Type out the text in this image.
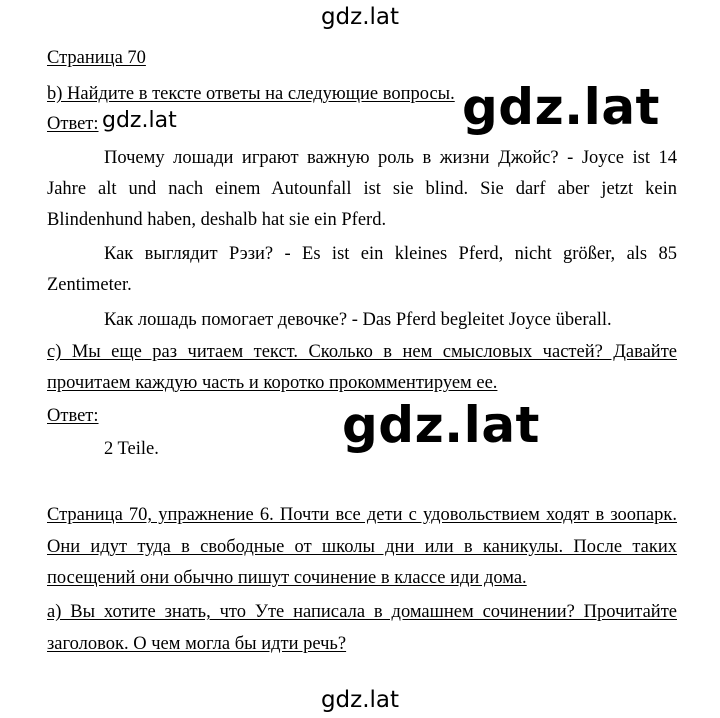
gdz.lat
Страница 70
b) Найдите в тексте ответы на следующие вопросы.
Ответ: gdz.lat	gdz.lat
Почему лошади играют важную роль в жизни Джойс? - Joyce ist 14
Jahre alt und nach einem Autounfall ist sie blind. Sie darf aber jetzt kein
Blindenhund haben, deshalb hat sie ein Pferd.
Как выглядит Рэзи? - Es ist ein kleines Pferd, nicht größer, als 85
Zentimeter.
Как лошадь помогает девочке? - Das Pferd begleitet Joyce überall.
c) Мы еще раз читаем текст. Сколько в нем смысловых частей? Давайте
прочитаем каждую часть и коротко прокомментируем ее.
Ответ:	gdz.lat
2 Teile.
Страница 70, упражнение 6. Почти все дети с удовольствием ходят в зоопарк.
Они идут туда в свободные от школы дни или в каникулы. После таких
посещений они обычно пишут сочинение в классе иди дома.
а) Вы хотите знать, что Уте написала в домашнем сочинении? Прочитайте
заголовок. О чем могла бы идти речь?
gdz.lat
